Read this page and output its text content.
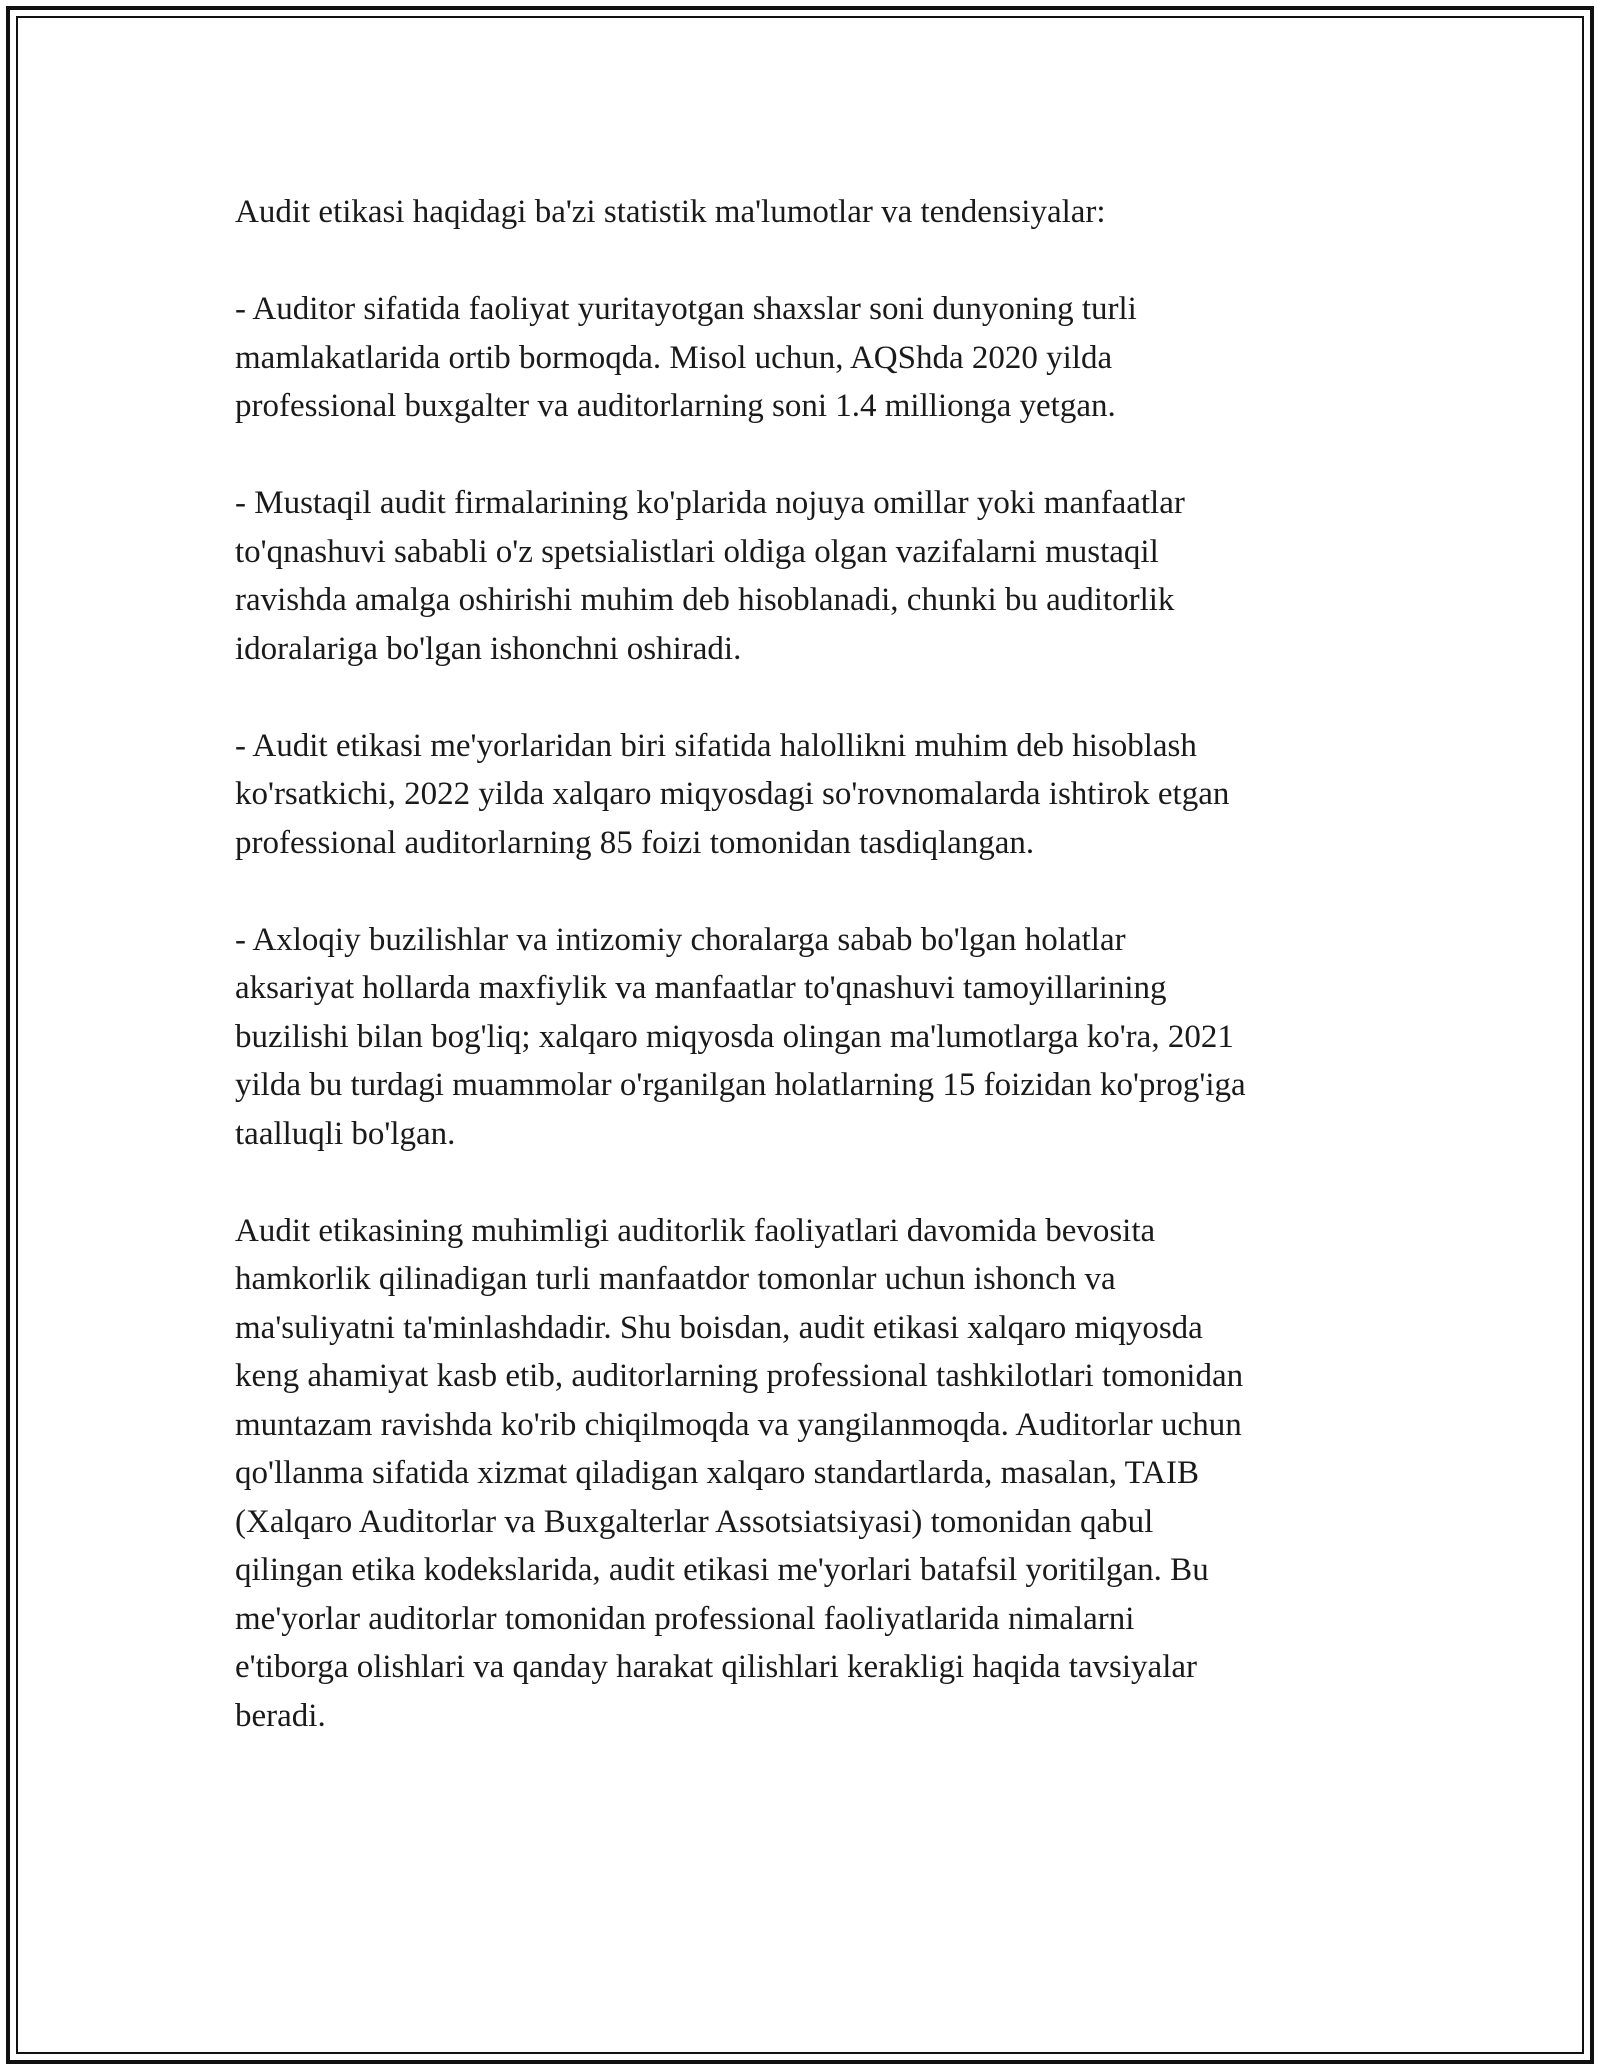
Audit etikasi haqidagi ba'zi statistik ma'lumotlar va tendensiyalar:

- Auditor sifatida faoliyat yuritayotgan shaxslar soni dunyoning turli
mamlakatlarida ortib bormoqda. Misol uchun, AQShda 2020 yilda
professional buxgalter va auditorlarning soni 1.4 millionga yetgan.

- Mustaqil audit firmalarining ko'plarida nojuya omillar yoki manfaatlar
to'qnashuvi sababli o'z spetsialistlari oldiga olgan vazifalarni mustaqil
ravishda amalga oshirishi muhim deb hisoblanadi, chunki bu auditorlik
idoralariga bo'lgan ishonchni oshiradi.

- Audit etikasi me'yorlaridan biri sifatida halollikni muhim deb hisoblash
ko'rsatkichi, 2022 yilda xalqaro miqyosdagi so'rovnomalarda ishtirok etgan
professional auditorlarning 85 foizi tomonidan tasdiqlangan.

- Axloqiy buzilishlar va intizomiy choralarga sabab bo'lgan holatlar
aksariyat hollarda maxfiylik va manfaatlar to'qnashuvi tamoyillarining
buzilishi bilan bog'liq; xalqaro miqyosda olingan ma'lumotlarga ko'ra, 2021
yilda bu turdagi muammolar o'rganilgan holatlarning 15 foizidan ko'prog'iga
taalluqli bo'lgan.

Audit etikasining muhimligi auditorlik faoliyatlari davomida bevosita
hamkorlik qilinadigan turli manfaatdor tomonlar uchun ishonch va
ma'suliyatni ta'minlashdadir. Shu boisdan, audit etikasi xalqaro miqyosda
keng ahamiyat kasb etib, auditorlarning professional tashkilotlari tomonidan
muntazam ravishda ko'rib chiqilmoqda va yangilanmoqda. Auditorlar uchun
qo'llanma sifatida xizmat qiladigan xalqaro standartlarda, masalan, TAIB
(Xalqaro Auditorlar va Buxgalterlar Assotsiatsiyasi) tomonidan qabul
qilingan etika kodekslarida, audit etikasi me'yorlari batafsil yoritilgan. Bu
me'yorlar auditorlar tomonidan professional faoliyatlarida nimalarni
e'tiborga olishlari va qanday harakat qilishlari kerakligi haqida tavsiyalar
beradi.
